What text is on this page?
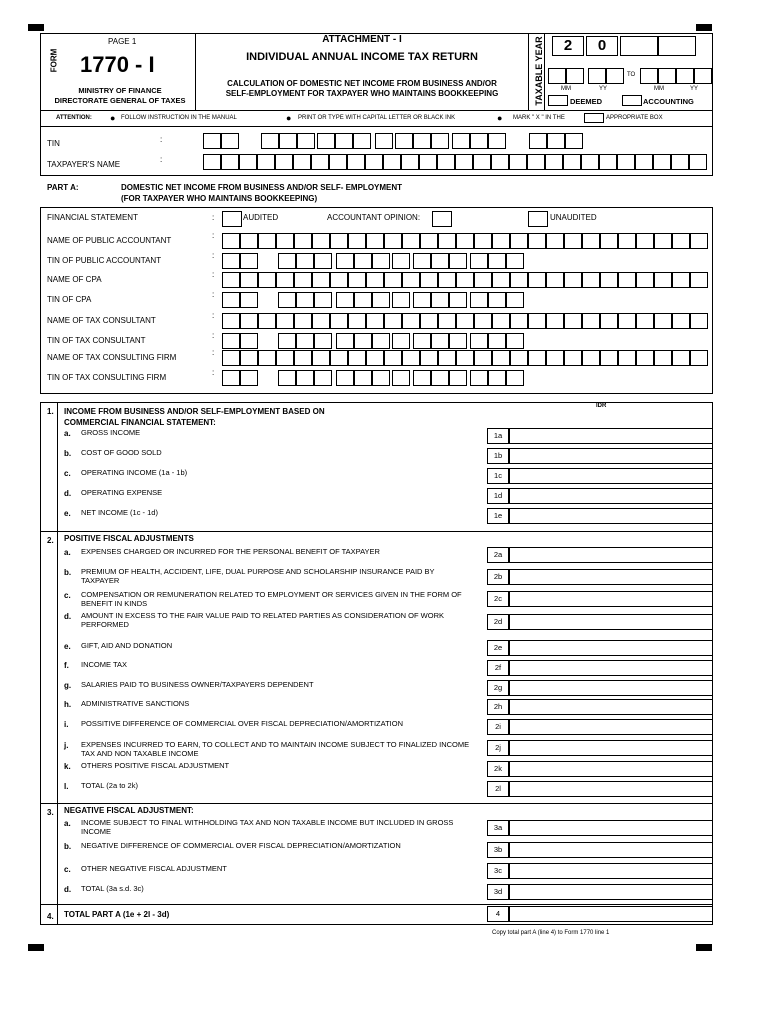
PAGE 1
FORM 1770 - I
MINISTRY OF FINANCE
DIRECTORATE GENERAL OF TAXES
ATTACHMENT - I
INDIVIDUAL ANNUAL INCOME TAX RETURN
CALCULATION OF DOMESTIC NET INCOME FROM BUSINESS AND/OR
SELF-EMPLOYMENT FOR TAXPAYER WHO MAINTAINS BOOKKEEPING	TAXABLE YEAR	2	0
TO
MM	YY	MM	YY
DEEMED	ACCOUNTING
ATTENTION: ● FOLLOW INSTRUCTION IN THE MANUAL	● PRINT OR TYPE WITH CAPITAL LETTER OR BLACK INK	● MARK " X " IN THE	APPROPRIATE BOX
TIN	:
TAXPAYER'S NAME
:
PART A:	DOMESTIC NET INCOME FROM BUSINESS AND/OR SELF- EMPLOYMENT
(FOR TAXPAYER WHO MAINTAINS BOOKKEEPING)
FINANCIAL STATEMENT	:	AUDITED	ACCOUNTANT OPINION:	UNAUDITED
NAME OF PUBLIC ACCOUNTANT
:
TIN OF PUBLIC ACCOUNTANT
:
NAME OF CPA
:
TIN OF CPA
:
NAME OF TAX CONSULTANT
:
TIN OF TAX CONSULTANT
:
NAME OF TAX CONSULTING FIRM
:
TIN OF TAX CONSULTING FIRM
:
1. INCOME FROM BUSINESS AND/OR SELF-EMPLOYMENT BASED ON
COMMERCIAL FINANCIAL STATEMENT:
IDR
a. GROSS INCOME	1a
b. COST OF GOOD SOLD	1b
c. OPERATING INCOME (1a - 1b)	1c
d. OPERATING EXPENSE	1d
e. NET INCOME (1c - 1d)	1e
2. POSITIVE FISCAL ADJUSTMENTS
a. EXPENSES CHARGED OR INCURRED FOR THE PERSONAL BENEFIT OF TAXPAYER	2a
b. PREMIUM OF HEALTH, ACCIDENT, LIFE, DUAL PURPOSE AND SCHOLARSHIP INSURANCE PAID BY TAXPAYER	2b
c. COMPENSATION OR REMUNERATION RELATED TO EMPLOYMENT OR SERVICES GIVEN IN THE FORM OF BENEFIT IN KINDS
2c
d. AMOUNT IN EXCESS TO THE FAIR VALUE PAID TO RELATED PARTIES AS CONSIDERATION OF WORK PERFORMED	2d
e. GIFT, AID AND DONATION	2e
f. INCOME TAX	2f
g. SALARIES PAID TO BUSINESS OWNER/TAXPAYERS DEPENDENT	2g
h. ADMINISTRATIVE SANCTIONS	2h
i. POSSITIVE DIFFERENCE OF COMMERCIAL OVER FISCAL DEPRECIATION/AMORTIZATION	2i
j. EXPENSES INCURRED TO EARN, TO COLLECT AND TO MAINTAIN INCOME SUBJECT TO FINALIZED INCOME TAX AND NON TAXABLE INCOME
2j
k. OTHERS POSITIVE FISCAL ADJUSTMENT	2k
l. TOTAL (2a to 2k)	2l
3. NEGATIVE FISCAL ADJUSTMENT:
a. INCOME SUBJECT TO FINAL WITHHOLDING TAX AND NON TAXABLE INCOME BUT INCLUDED IN GROSS INCOME	3a
b. NEGATIVE DIFFERENCE OF COMMERCIAL OVER FISCAL DEPRECIATION/AMORTIZATION	3b
c. OTHER NEGATIVE FISCAL ADJUSTMENT	3c
d. TOTAL (3a s.d. 3c)	3d
4. TOTAL PART A (1e + 2l - 3d)	4
Copy total part A (line 4) to Form 1770 line 1
